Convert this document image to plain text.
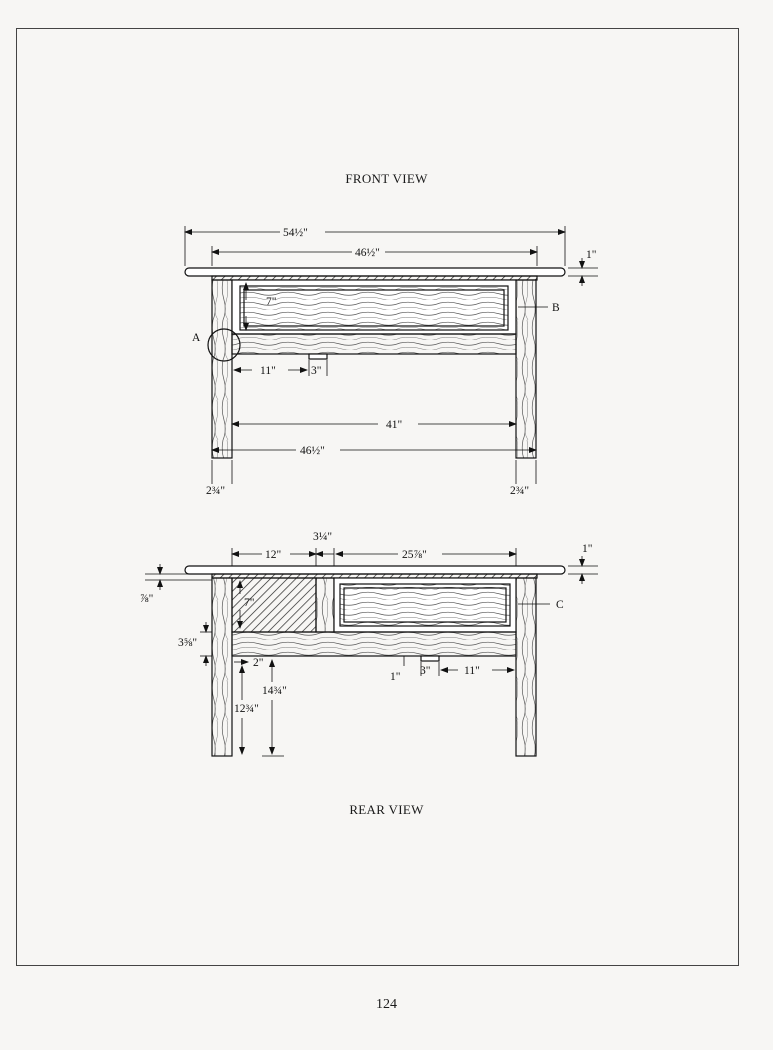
FRONT VIEW
REAR VIEW
124
54½"
46½"	1"
7"
A
B
11"	3"
41"
46½"
2¾"	2¾"
12"
3¼"
25⅞"	1"
⅞"	7"	C
3⅝"
2"
14¾"
12¾"
1" 3"	11"
